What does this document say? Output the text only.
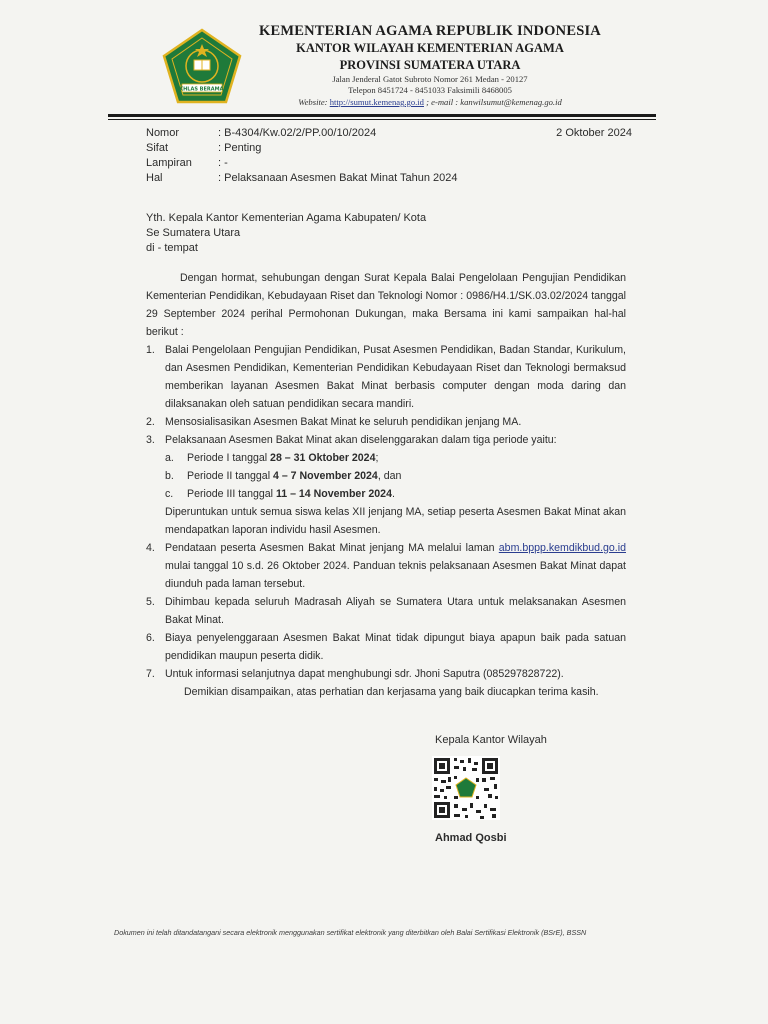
IKHLAS BERAMAL
KEMENTERIAN AGAMA REPUBLIK INDONESIA
KANTOR WILAYAH KEMENTERIAN AGAMA
PROVINSI SUMATERA UTARA
Jalan Jenderal Gatot Subroto Nomor 261 Medan - 20127
Telepon 8451724 - 8451033 Faksimili 8468005
Website: http://sumut.kemenag.go.id ; e-mail : kanwilsumut@kemenag.go.id
Nomor	: B-4304/Kw.02/2/PP.00/10/2024
Sifat	: Penting
Lampiran	: -
Hal	: Pelaksanaan Asesmen Bakat Minat Tahun 2024
2 Oktober 2024
Yth. Kepala Kantor Kementerian Agama Kabupaten/ Kota
Se Sumatera Utara
di - tempat

Dengan hormat, sehubungan dengan Surat Kepala Balai Pengelolaan Pengujian Pendidikan Kementerian Pendidikan, Kebudayaan Riset dan Teknologi Nomor : 0986/H4.1/SK.03.02/2024 tanggal 29 September 2024 perihal Permohonan Dukungan, maka Bersama ini kami sampaikan hal-hal berikut :

1. Balai Pengelolaan Pengujian Pendidikan, Pusat Asesmen Pendidikan, Badan Standar, Kurikulum, dan Asesmen Pendidikan, Kementerian Pendidikan Kebudayaan Riset dan Teknologi bermaksud memberikan layanan Asesmen Bakat Minat berbasis computer dengan moda daring dan dilaksanakan oleh satuan pendidikan secara mandiri.
2. Mensosialisasikan Asesmen Bakat Minat ke seluruh pendidikan jenjang MA.
3. Pelaksanaan Asesmen Bakat Minat akan diselenggarakan dalam tiga periode yaitu:
a. Periode I tanggal 28 – 31 Oktober 2024;
b. Periode II tanggal 4 – 7 November 2024, dan
c. Periode III tanggal 11 – 14 November 2024.
Diperuntukan untuk semua siswa kelas XII jenjang MA, setiap peserta Asesmen Bakat Minat akan mendapatkan laporan individu hasil Asesmen.
4. Pendataan peserta Asesmen Bakat Minat jenjang MA melalui laman abm.bppp.kemdikbud.go.id mulai tanggal 10 s.d. 26 Oktober 2024. Panduan teknis pelaksanaan Asesmen Bakat Minat dapat diunduh pada laman tersebut.
5. Dihimbau kepada seluruh Madrasah Aliyah se Sumatera Utara untuk melaksanakan Asesmen Bakat Minat.
6. Biaya penyelenggaraan Asesmen Bakat Minat tidak dipungut biaya apapun baik pada satuan pendidikan maupun peserta didik.
7. Untuk informasi selanjutnya dapat menghubungi sdr. Jhoni Saputra (085297828722).

Demikian disampaikan, atas perhatian dan kerjasama yang baik diucapkan terima kasih.

Kepala Kantor Wilayah
Ahmad Qosbi
Dokumen ini telah ditandatangani secara elektronik menggunakan sertifikat elektronik yang diterbitkan oleh Balai Sertifikasi Elektronik (BSrE), BSSN
